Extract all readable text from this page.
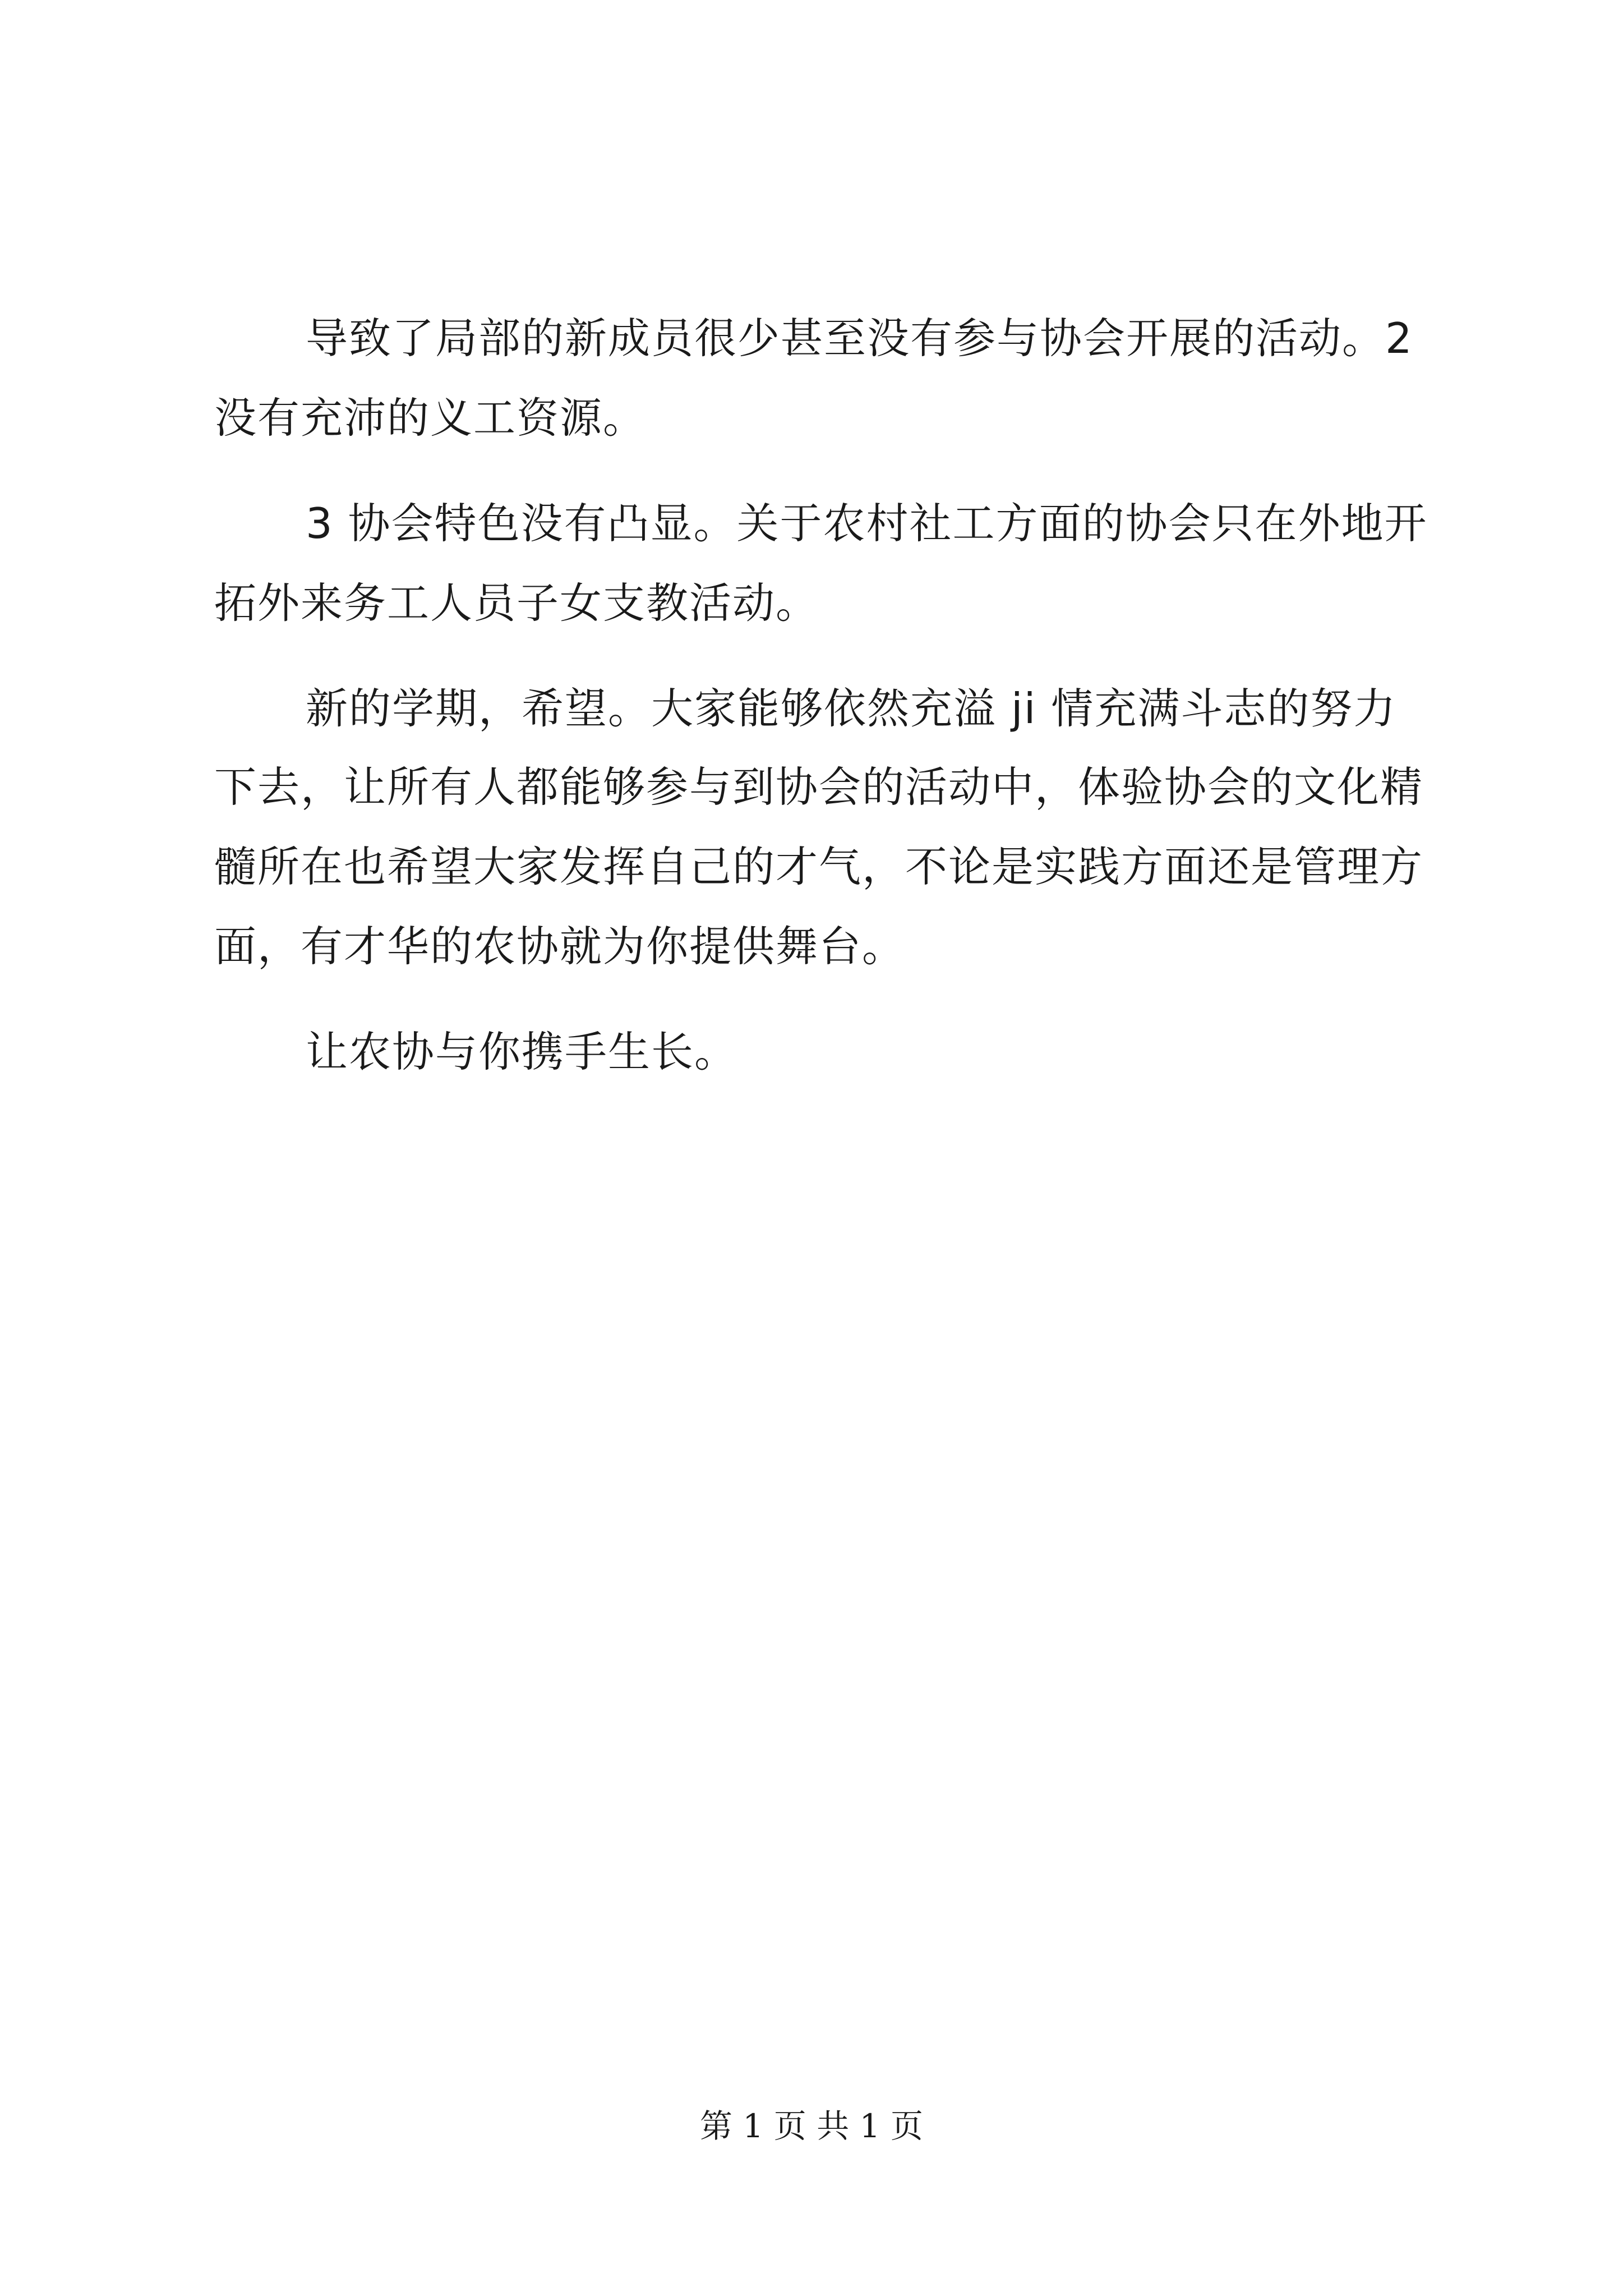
导致了局部的新成员很少甚至没有参与协会开展的活动。2
没有充沛的义工资源。
3 协会特色没有凸显。关于农村社工方面的协会只在外地开
拓外来务工人员子女支教活动。
新的学期，希望。大家能够依然充溢 ji 情充满斗志的努力
下去，让所有人都能够参与到协会的活动中，体验协会的文化精
髓所在也希望大家发挥自己的才气，不论是实践方面还是管理方
面，有才华的农协就为你提供舞台。
让农协与你携手生长。
第 1 页 共 1 页
